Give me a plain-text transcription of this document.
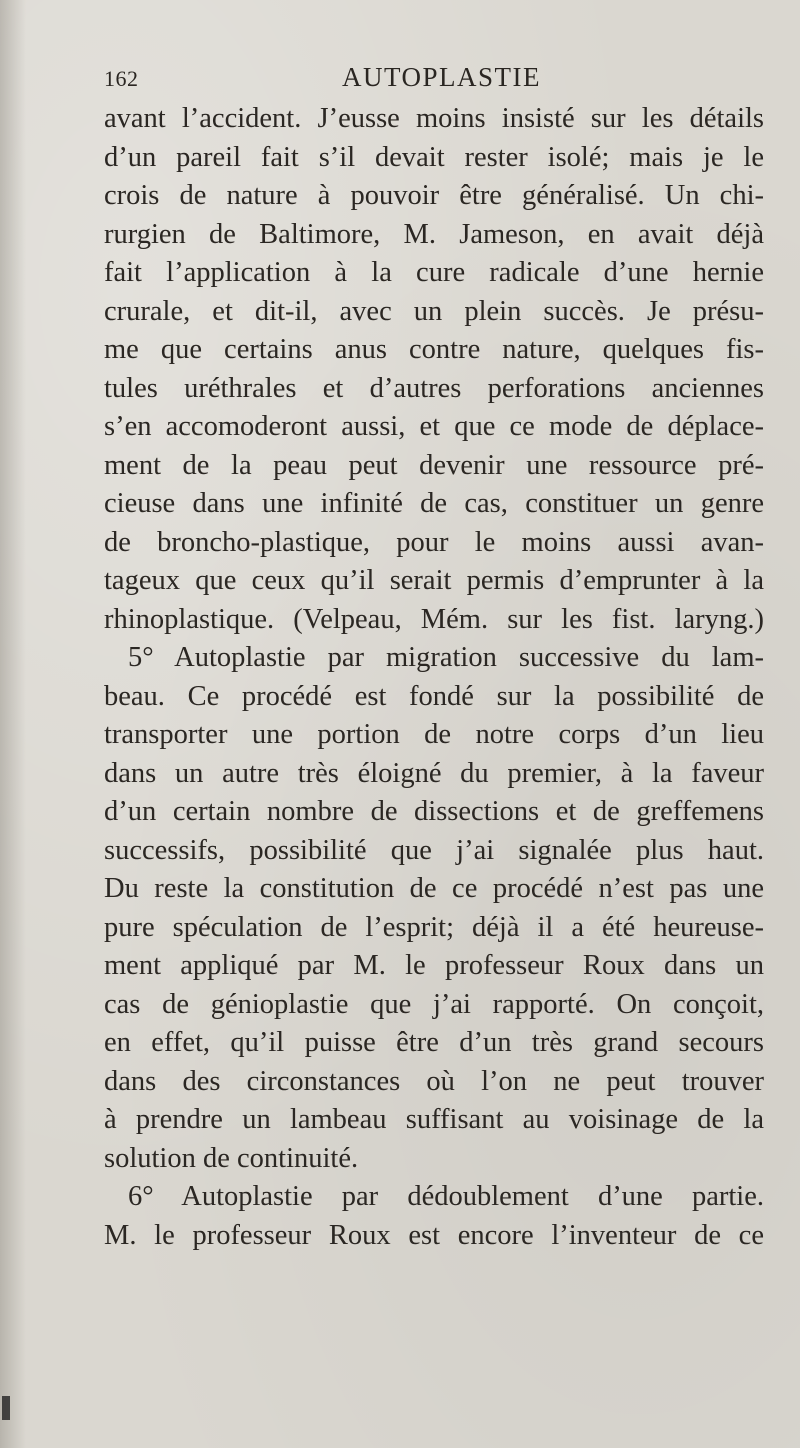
162	AUTOPLASTIE
avant l’accident. J’eusse moins insisté sur les détails
d’un pareil fait s’il devait rester isolé; mais je le
crois de nature à pouvoir être généralisé. Un chi-
rurgien de Baltimore, M. Jameson, en avait déjà
fait l’application à la cure radicale d’une hernie
crurale, et dit-il, avec un plein succès. Je présu-
me que certains anus contre nature, quelques fis-
tules uréthrales et d’autres perforations anciennes
s’en accomoderont aussi, et que ce mode de déplace-
ment de la peau peut devenir une ressource pré-
cieuse dans une infinité de cas, constituer un genre
de broncho-plastique, pour le moins aussi avan-
tageux que ceux qu’il serait permis d’emprunter à la
rhinoplastique. (Velpeau, Mém. sur les fist. laryng.)
5° Autoplastie par migration successive du lam-
beau. Ce procédé est fondé sur la possibilité de
transporter une portion de notre corps d’un lieu
dans un autre très éloigné du premier, à la faveur
d’un certain nombre de dissections et de greffemens
successifs, possibilité que j’ai signalée plus haut.
Du reste la constitution de ce procédé n’est pas une
pure spéculation de l’esprit; déjà il a été heureuse-
ment appliqué par M. le professeur Roux dans un
cas de génioplastie que j’ai rapporté. On conçoit,
en effet, qu’il puisse être d’un très grand secours
dans des circonstances où l’on ne peut trouver
à prendre un lambeau suffisant au voisinage de la
solution de continuité.
6° Autoplastie par dédoublement d’une partie.
M. le professeur Roux est encore l’inventeur de ce
